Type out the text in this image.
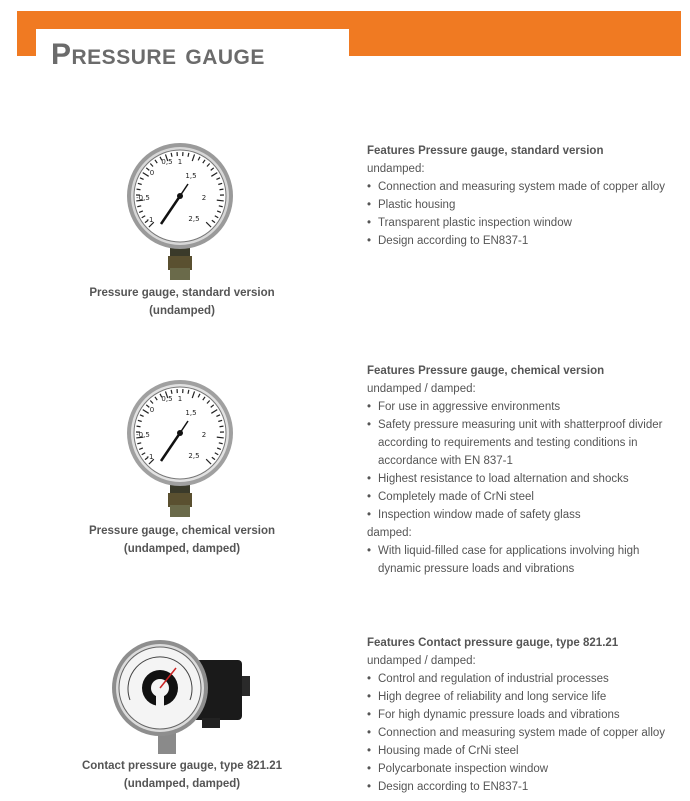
Pressure gauge
-1
-0,5
0
0,5 1
1,5
2
2,5
Pressure gauge, standard version
(undamped)
Features Pressure gauge, standard version
undamped:
• Connection and measuring system made of copper alloy
• Plastic housing
• Transparent plastic inspection window
• Design according to EN837-1
-1
-0,5
0
0,5 1
1,5
2
2,5
Pressure gauge, chemical version
(undamped, damped)
Features Pressure gauge, chemical version
undamped / damped:
• For use in aggressive environments
• Safety pressure measuring unit with shatterproof divider according to requirements and testing conditions in accordance with EN 837-1
• Highest resistance to load alternation and shocks
• Completely made of CrNi steel
• Inspection window made of safety glass
damped:
• With liquid-filled case for applications involving high dynamic pressure loads and vibrations
Contact pressure gauge, type 821.21
(undamped, damped)
Features Contact pressure gauge, type 821.21
undamped / damped:
• Control and regulation of industrial processes
• High degree of reliability and long service life
• For high dynamic pressure loads and vibrations
• Connection and measuring system made of copper alloy
• Housing made of CrNi steel
• Polycarbonate inspection window
• Design according to EN837-1
